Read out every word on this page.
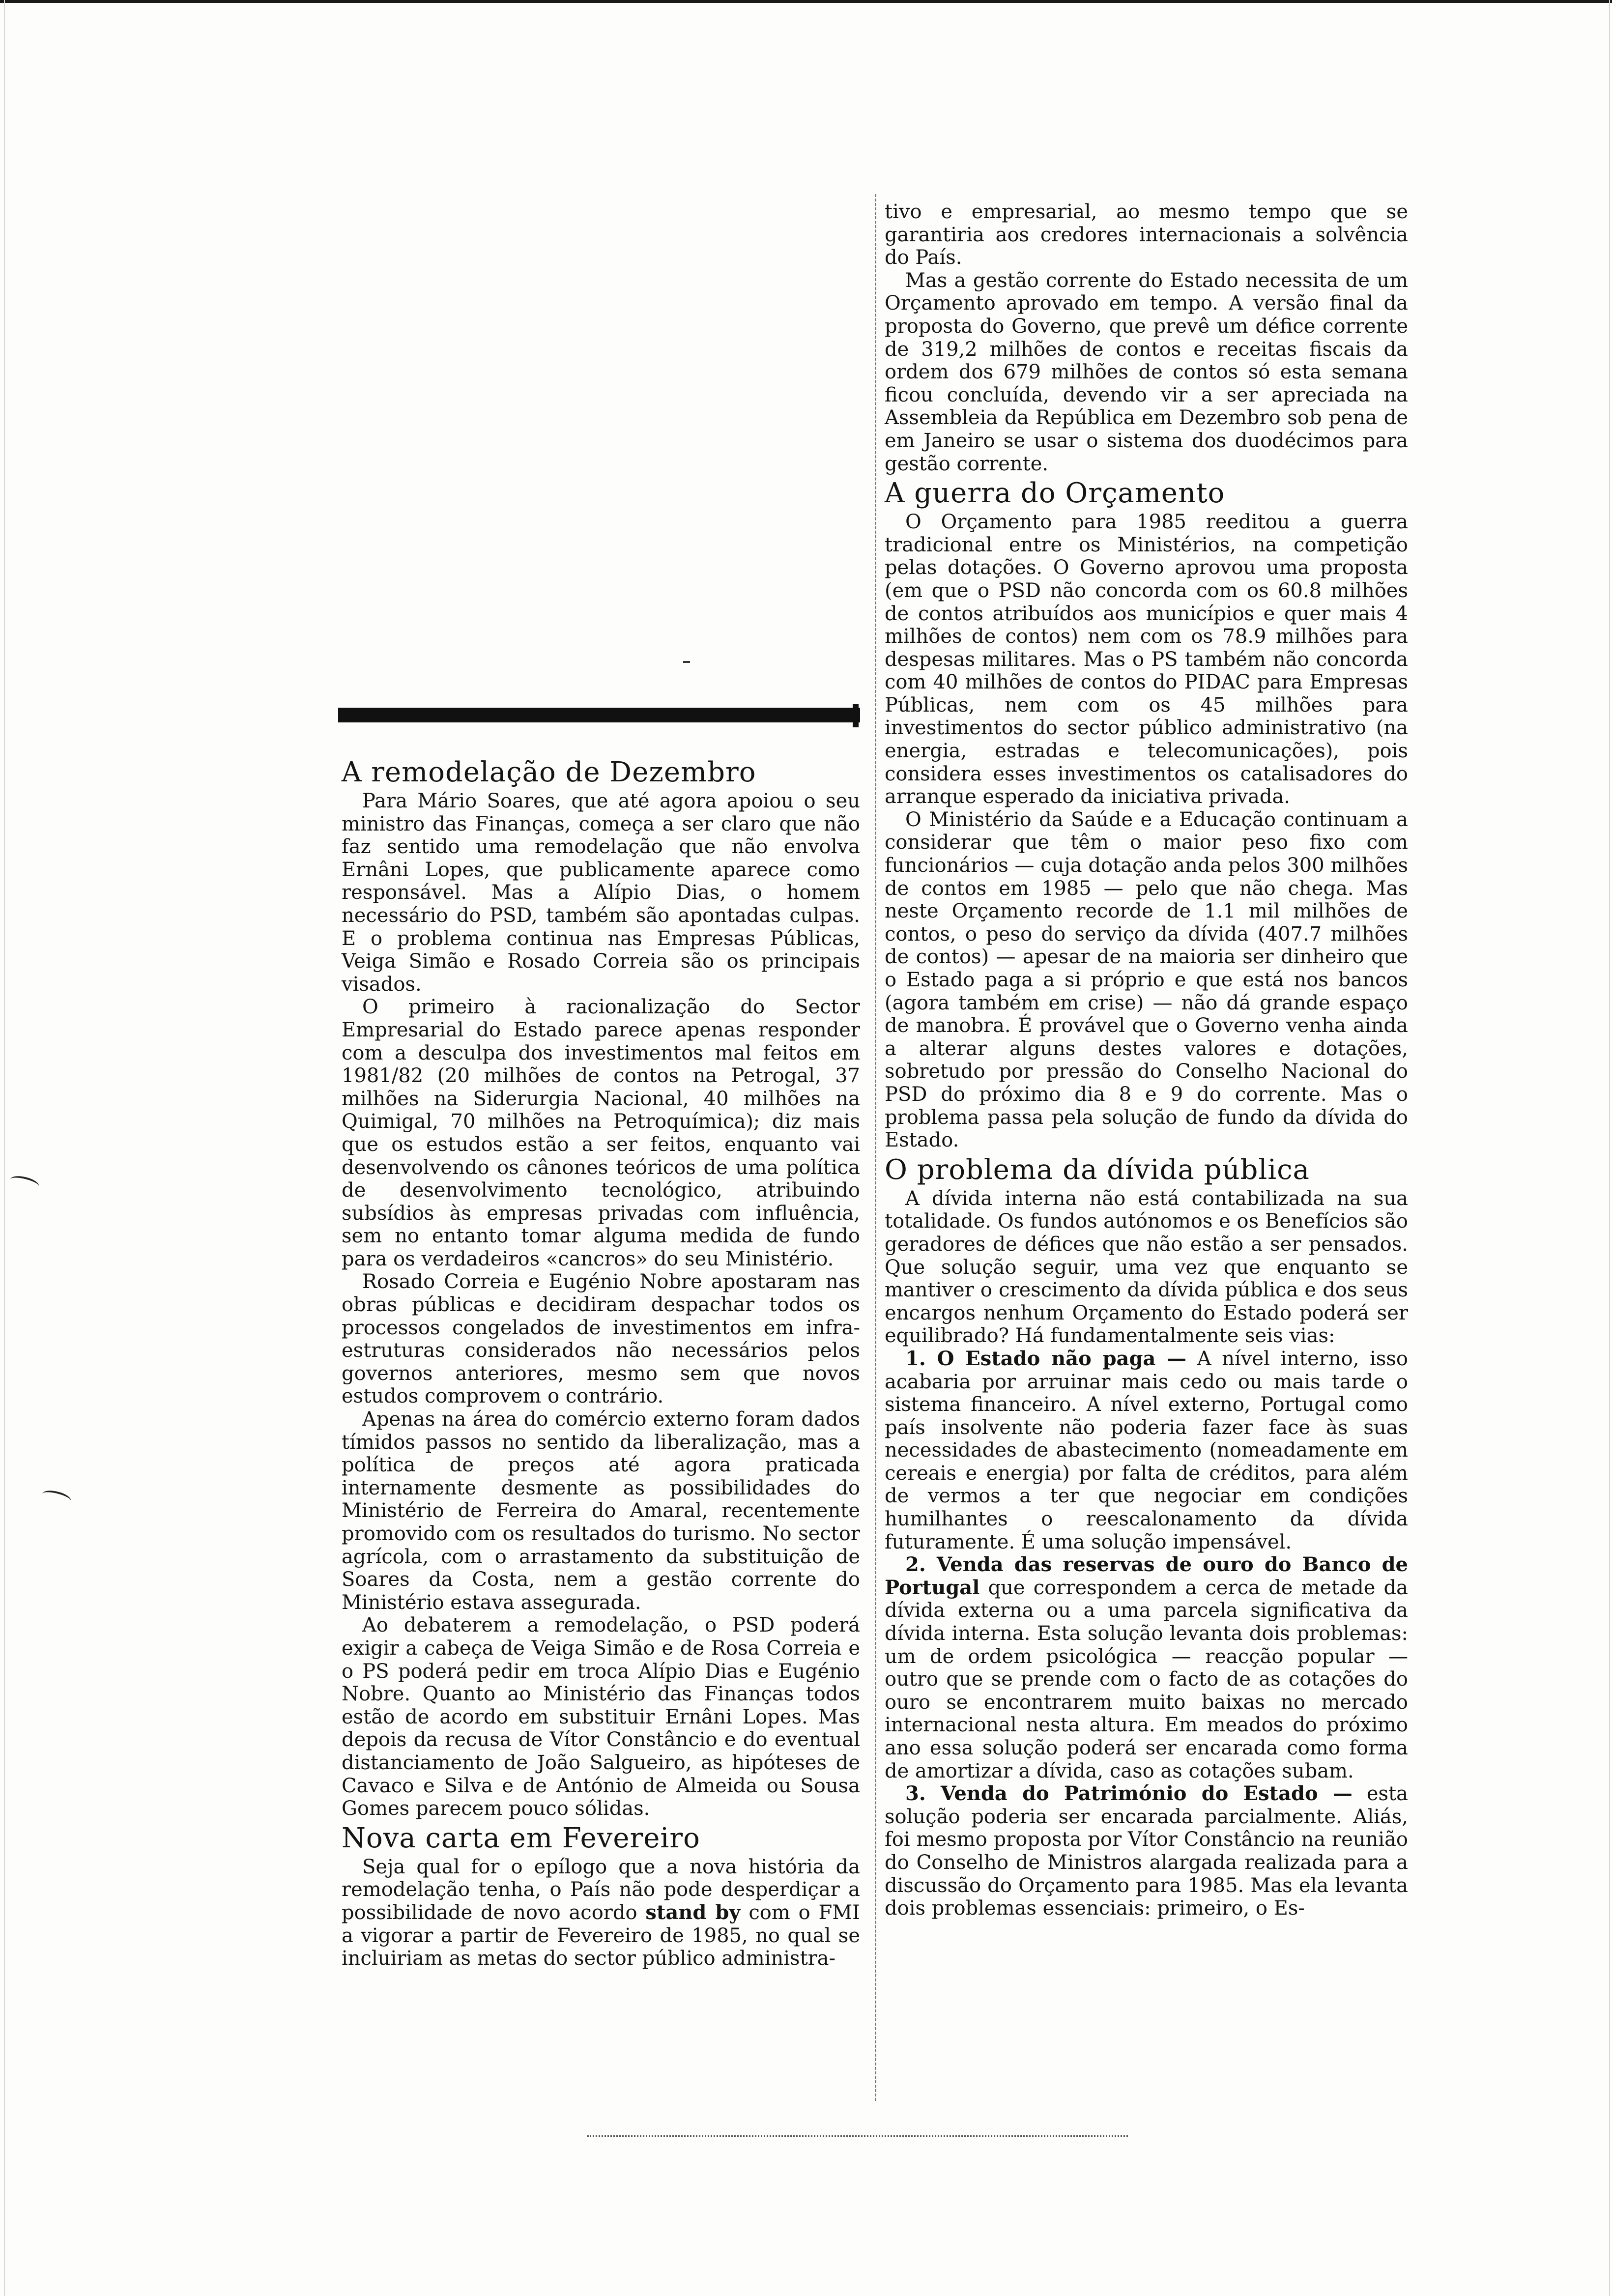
A remodelação de Dezembro

Para Mário Soares, que até agora apoiou o seu ministro das Finanças, começa a ser claro que não faz sentido uma remodelação que não envolva Ernâni Lopes, que publicamente aparece como responsável. Mas a Alípio Dias, o homem necessário do PSD, também são apontadas culpas. E o problema continua nas Empresas Públicas, Veiga Simão e Rosado Correia são os principais visados.

O primeiro à racionalização do Sector Empresarial do Estado parece apenas responder com a desculpa dos investimentos mal feitos em 1981/82 (20 milhões de contos na Petrogal, 37 milhões na Siderurgia Nacional, 40 milhões na Quimigal, 70 milhões na Petroquímica); diz mais que os estudos estão a ser feitos, enquanto vai desenvolvendo os cânones teóricos de uma política de desenvolvimento tecnológico, atribuindo subsídios às empresas privadas com influência, sem no entanto tomar alguma medida de fundo para os verdadeiros «cancros» do seu Ministério.

Rosado Correia e Eugénio Nobre apostaram nas obras públicas e decidiram despachar todos os processos congelados de investimentos em infra-estruturas considerados não necessários pelos governos anteriores, mesmo sem que novos estudos comprovem o contrário.

Apenas na área do comércio externo foram dados tímidos passos no sentido da liberalização, mas a política de preços até agora praticada internamente desmente as possibilidades do Ministério de Ferreira do Amaral, recentemente promovido com os resultados do turismo. No sector agrícola, com o arrastamento da substituição de Soares da Costa, nem a gestão corrente do Ministério estava assegurada.

Ao debaterem a remodelação, o PSD poderá exigir a cabeça de Veiga Simão e de Rosa Correia e o PS poderá pedir em troca Alípio Dias e Eugénio Nobre. Quanto ao Ministério das Finanças todos estão de acordo em substituir Ernâni Lopes. Mas depois da recusa de Vítor Constâncio e do eventual distanciamento de João Salgueiro, as hipóteses de Cavaco e Silva e de António de Almeida ou Sousa Gomes parecem pouco sólidas.

Nova carta em Fevereiro

Seja qual for o epílogo que a nova história da remodelação tenha, o País não pode desperdiçar a possibilidade de novo acordo stand by com o FMI a vigorar a partir de Fevereiro de 1985, no qual se incluiriam as metas do sector público administra-

tivo e empresarial, ao mesmo tempo que se garantiria aos credores internacionais a solvência do País.

Mas a gestão corrente do Estado necessita de um Orçamento aprovado em tempo. A versão final da proposta do Governo, que prevê um défice corrente de 319,2 milhões de contos e receitas fiscais da ordem dos 679 milhões de contos só esta semana ficou concluída, devendo vir a ser apreciada na Assembleia da República em Dezembro sob pena de em Janeiro se usar o sistema dos duodécimos para gestão corrente.

A guerra do Orçamento

O Orçamento para 1985 reeditou a guerra tradicional entre os Ministérios, na competição pelas dotações. O Governo aprovou uma proposta (em que o PSD não concorda com os 60.8 milhões de contos atribuídos aos municípios e quer mais 4 milhões de contos) nem com os 78.9 milhões para despesas militares. Mas o PS também não concorda com 40 milhões de contos do PIDAC para Empresas Públicas, nem com os 45 milhões para investimentos do sector público administrativo (na energia, estradas e telecomunicações), pois considera esses investimentos os catalisadores do arranque esperado da iniciativa privada.

O Ministério da Saúde e a Educação continuam a considerar que têm o maior peso fixo com funcionários — cuja dotação anda pelos 300 milhões de contos em 1985 — pelo que não chega. Mas neste Orçamento recorde de 1.1 mil milhões de contos, o peso do serviço da dívida (407.7 milhões de contos) — apesar de na maioria ser dinheiro que o Estado paga a si próprio e que está nos bancos (agora também em crise) — não dá grande espaço de manobra. É provável que o Governo venha ainda a alterar alguns destes valores e dotações, sobretudo por pressão do Conselho Nacional do PSD do próximo dia 8 e 9 do corrente. Mas o problema passa pela solução de fundo da dívida do Estado.

O problema da dívida pública

A dívida interna não está contabilizada na sua totalidade. Os fundos autónomos e os Benefícios são geradores de défices que não estão a ser pensados. Que solução seguir, uma vez que enquanto se mantiver o crescimento da dívida pública e dos seus encargos nenhum Orçamento do Estado poderá ser equilibrado? Há fundamentalmente seis vias:

1. O Estado não paga — A nível interno, isso acabaria por arruinar mais cedo ou mais tarde o sistema financeiro. A nível externo, Portugal como país insolvente não poderia fazer face às suas necessidades de abastecimento (nomeadamente em cereais e energia) por falta de créditos, para além de vermos a ter que negociar em condições humilhantes o reescalonamento da dívida futuramente. É uma solução impensável.

2. Venda das reservas de ouro do Banco de Portugal que correspondem a cerca de metade da dívida externa ou a uma parcela significativa da dívida interna. Esta solução levanta dois problemas: um de ordem psicológica — reacção popular — outro que se prende com o facto de as cotações do ouro se encontrarem muito baixas no mercado internacional nesta altura. Em meados do próximo ano essa solução poderá ser encarada como forma de amortizar a dívida, caso as cotações subam.

3. Venda do Património do Estado — esta solução poderia ser encarada parcialmente. Aliás, foi mesmo proposta por Vítor Constâncio na reunião do Conselho de Ministros alargada realizada para a discussão do Orçamento para 1985. Mas ela levanta dois problemas essenciais: primeiro, o Es-
